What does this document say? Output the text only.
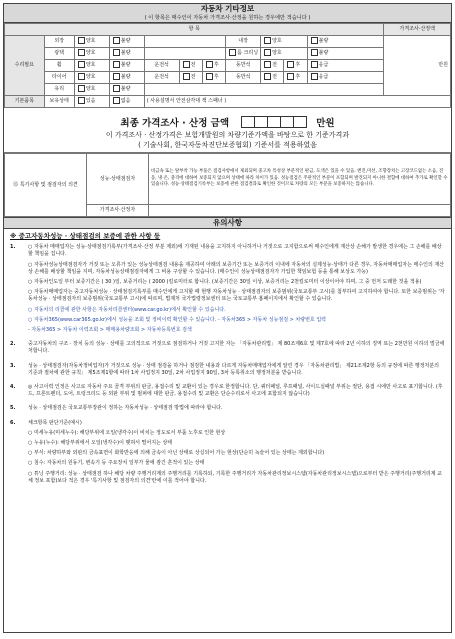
자동차 기타정보
( 이 항목은 매수인이 자동차 가격조사·산정을 원하는 경우에만 적습니다 )
항 목											가격조사·산정액
수리필요	외장	양호	불량				내장	양호		불량	만원
	광택	양호	불량				룸 크리닝	양호		불량	
	휠	양호	불량	운전석	전	후	동반석	전	후	응급	
	타이어	양호	불량	운전석	전	후	동반석	전	후	응급	
	유리	양호	불량								
기본품목	보유상태	있음	없음	( 사용설명서 안전삼각대 잭 스패너 )							
최종 가격조사 · 산정 금액	만원
이 가격조사 · 산정가격은 보험개발원의 차량기준가액을 바탕으로 한 기준가격과
( 기술사회, 한국자동차진단보증협회) 기준서를 적용하였음
⑮ 특기사항 및 점검자의 의견	성능·상태점검자	비금속 또는 탈부착 가능 부품은 점검사항에서 제외되며 중고차 특성상 부분적인 판금, 도색은 있을 수 있음. 엔진,미션, 조향장치는 고장코드없는 소음, 진동, 냉·온, 충격에 대하여 보증되지 않으며 상태에 따라 차이가 있음. 성능점검은 주관적인 부분이 포함되며 발견되지 아니한 결함에 대하여 추가로 확인할 수 있습니다. 성능·상태점검기록부는 보증에 관한 점검결과로 확인한 것이므로 차량의 모든 부분을 보증하지는 않습니다.
	가격조사·산정자	
유의사항
※ 중고자동차성능 · 상태점검의 보증에 관한 사항 등
1.	○ 자동차 매매업자는 성능·상태점검기록부(가격조사·산정 부분 제외)에 기재된 내용을 고지하지 아니하거나 거짓으로 고지함으로써 매수인에게 재산상 손해가 발생한 경우에는 그 손해를 배상할 책임을 집니다.
○ 자동차성능상태점검자가 거짓 또는 오류가 있는 성능상태점검 내용을 제공하여 아래의 보증기간 또는 보증거리 이내에 자동차의 실제성능·상태가 다른 경우, 자동차매매업자는 매수인의 재산상 손해를 배상할 책임을 지며, 자동차성능상태점검자에게 그 비용 구상할 수 있습니다. (매수인이 성능상태점검자가 가입한 책임보험 등을 통해 보상도 가능)
○ 자동차인도일 부터 보증기간은 ( 30 )일, 보증거리는 ( 2000 )킬로미터로 합니다. (보증기간은 30일 이상, 보증거리는 2천킬로미터 이상이어야 하며, 그 중 먼저 도래한 것을 적용)
○ 자동차매매업자는 중고자동차성능 · 상태점검기록부를 매수인에게 고지할 때 현행 자동차성능 · 상태점검자의 보증범위(국토교통부 고시)를 첨부하여 고지하여야 합니다. 또한 보증범위는 '자동차성능 · 상태점검자의 보증범위(국토교통부 고시)에 따르며, 법제처 국가법령정보센터 또는 국토교통부 홈페이지에서 확인할 수 있습니다.
○ 자동차의 리콜에 관한 사항은 자동차리콜센터(www.car.go.kr)에서 확인할 수 있습니다.
○ 자동차365(www.car365.go.kr)에서 성능을 조회 및 정비이력 확인할 수 있습니다. - 자동차365 > 자동차 성능점검 > 차량번호 입력
- 자동차365 > 자동차 이력조회 > 매매용차량조회 > 자동차등록번호 검색
2.	중고자동차의 구조 · 장치 등의 성능 · 상태를 고의적으로 거짓으로 점검하거나 거짓 고지한 자는 「자동차관리법」 제 80조제6호 및 제7호에 따라 2년 이하의 징역 또는 2천만원 이하의 벌금에 처합니다.
3.	성능 · 상태점검자(자동차정비업자)가 거짓으로 성능 · 상태 점검을 하거나 점검한 내용과 다르게 자동차매매업자에게 알린 경우 「자동차관리법」 제21조제2항 등의 규정에 따른 행정처분의 기준과 절차에 관한 규칙」 제5조제1항에 따라 1차 사업정지 30일, 2차 사업정지 90일, 3차 등록취소의 행정처분을 받습니다.
4.	◎ 사고이력 인정은 사고로 자동차 주요 골격 부위의 판금, 용접수리 및 교환이 있는 경우로 한정합니다. 단, 쿼터패널, 루프패널, 사이드실패널 부위는 절단, 용접 시에만 사고로 표기합니다. (후드, 프론트펜더, 도어, 트렁크리드 등 외판 부위 및 범퍼에 대한 판금, 용접수리 및 교환은 단순수리로서 사고에 포함되지 않습니다)
5.	성능 · 상태점검은 국토교통부장관이 정하는 자동차성능 · 상태점검 방법에 따라야 합니다.
6.	체크항목 판단기준(예시)
○ 미세누유(미세누수): 해당부위에 오일(냉각수)이 비치는 정도로서 부품 노후로 인한 현상
○ 누유(누수): 해당부위에서 오일(냉각수)이 맺혀서 떨어지는 상태
○ 부식: 차량하부와 외판의 금속표면이 화학반응에 의해 금속이 아닌 상태로 상실되어 가는 현상(단순히 녹슬어 있는 상태는 제외합니다)
○ 침수: 자동차의 원동기, 변속기 등 주요장치 일부가 물에 잠긴 흔적이 있는 상태
○ 튜닝 주행거리: 성능 · 상태점검 하나 해당 차량 주행거리계의 주행거리를 기록하되, 기록한 주행거리가 자동차관리정보시스템(자동차관리정보시스템)으로부터 받은 주행거리(주행거리계 교체 정보 포함)보다 적은 경우 '특기사항 및 점검자의 의견'란에 이를 적어야 합니다.
